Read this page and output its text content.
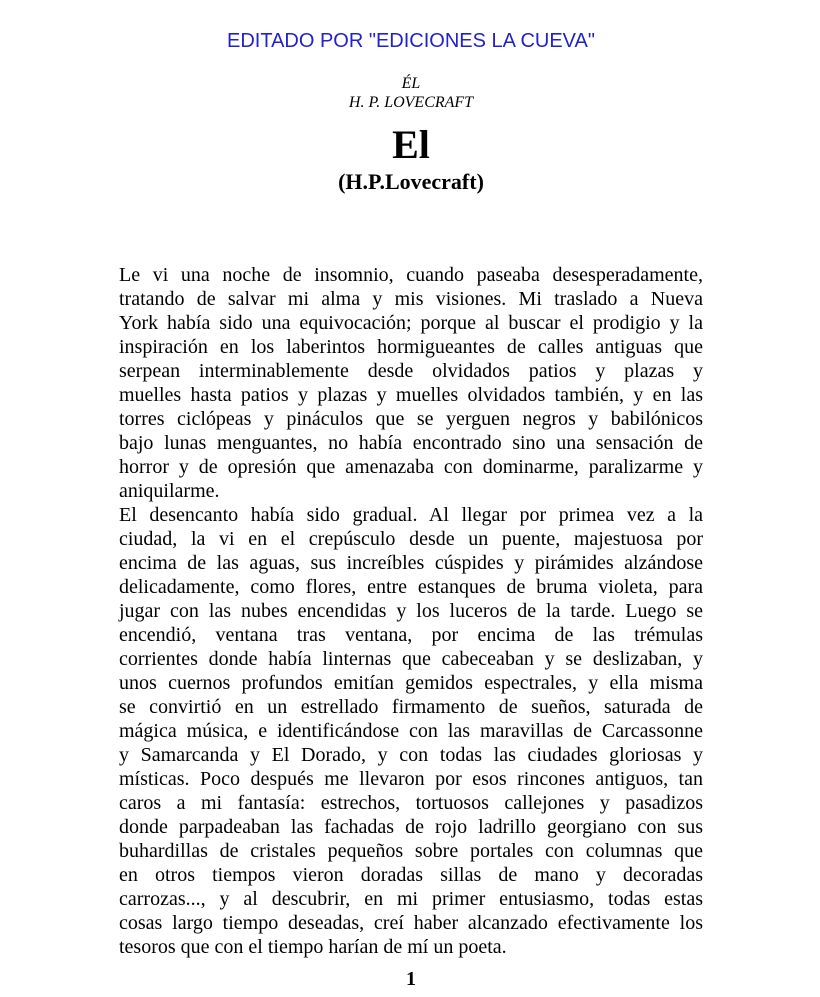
EDITADO POR "EDICIONES LA CUEVA"
ÉL
H. P. LOVECRAFT
El
(H.P.Lovecraft)
Le vi una noche de insomnio, cuando paseaba desesperadamente,
tratando de salvar mi alma y mis visiones. Mi traslado a Nueva
York había sido una equivocación; porque al buscar el prodigio y la
inspiración en los laberintos hormigueantes de calles antiguas que
serpean interminablemente desde olvidados patios y plazas y
muelles hasta patios y plazas y muelles olvidados también, y en las
torres ciclópeas y pináculos que se yerguen negros y babilónicos
bajo lunas menguantes, no había encontrado sino una sensación de
horror y de opresión que amenazaba con dominarme, paralizarme y
aniquilarme.
El desencanto había sido gradual. Al llegar por primea vez a la
ciudad, la vi en el crepúsculo desde un puente, majestuosa por
encima de las aguas, sus increíbles cúspides y pirámides alzándose
delicadamente, como flores, entre estanques de bruma violeta, para
jugar con las nubes encendidas y los luceros de la tarde. Luego se
encendió, ventana tras ventana, por encima de las trémulas
corrientes donde había linternas que cabeceaban y se deslizaban, y
unos cuernos profundos emitían gemidos espectrales, y ella misma
se convirtió en un estrellado firmamento de sueños, saturada de
mágica música, e identificándose con las maravillas de Carcassonne
y Samarcanda y El Dorado, y con todas las ciudades gloriosas y
místicas. Poco después me llevaron por esos rincones antiguos, tan
caros a mi fantasía: estrechos, tortuosos callejones y pasadizos
donde parpadeaban las fachadas de rojo ladrillo georgiano con sus
buhardillas de cristales pequeños sobre portales con columnas que
en otros tiempos vieron doradas sillas de mano y decoradas
carrozas..., y al descubrir, en mi primer entusiasmo, todas estas
cosas largo tiempo deseadas, creí haber alcanzado efectivamente los
tesoros que con el tiempo harían de mí un poeta.
1
